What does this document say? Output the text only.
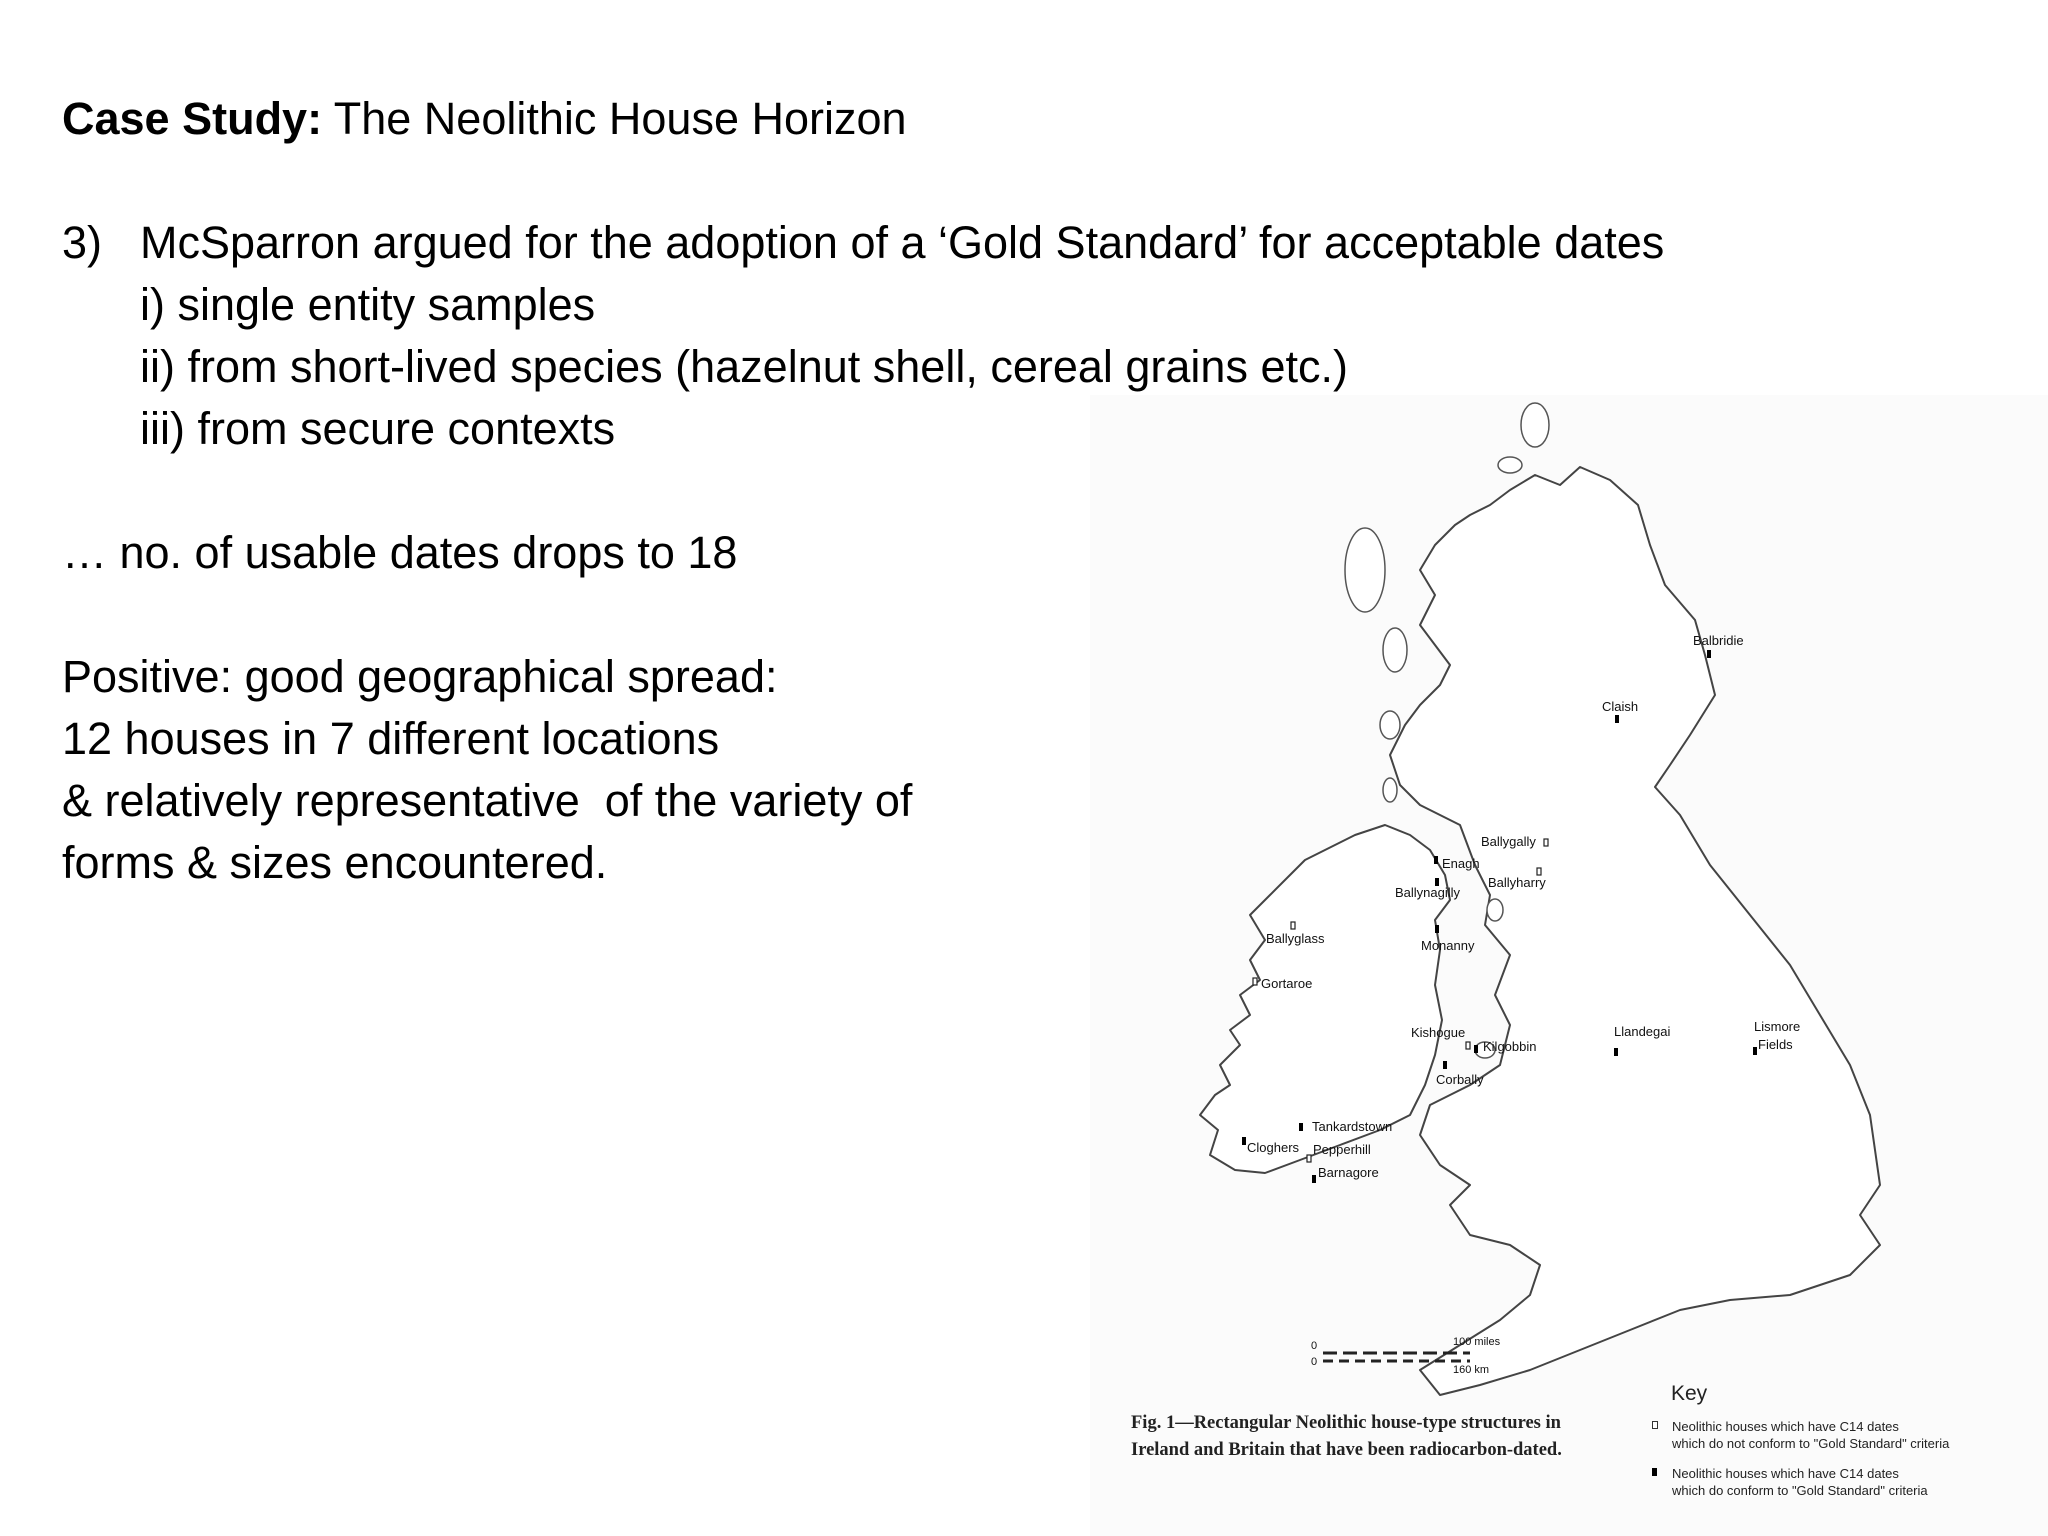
Case Study: The Neolithic House Horizon
3) McSparron argued for the adoption of a ‘Gold Standard’ for acceptable dates
i) single entity samples
ii) from short-lived species (hazelnut shell, cereal grains etc.)
iii) from secure contexts
… no. of usable dates drops to 18
Positive: good geographical spread:
12 houses in 7 different locations
& relatively representative  of the variety of
forms & sizes encountered.
Balbridie
Claish
Ballygally
Enagh
Ballynagilly
Ballyharry
Ballyglass	Monanny
Gortaroe
Kishogue
Kilgobbin
Llandegai	Lismore
Fields
Corbally
Tankardstown
Cloghers Pepperhill
Barnagore
0
0
100 miles
160 km
Fig. 1—Rectangular Neolithic house-type structures in Ireland and Britain that have been radiocarbon-dated.
Key
Neolithic houses which have C14 dates
which do not conform to "Gold Standard" criteria
Neolithic houses which have C14 dates
which do conform to "Gold Standard" criteria
